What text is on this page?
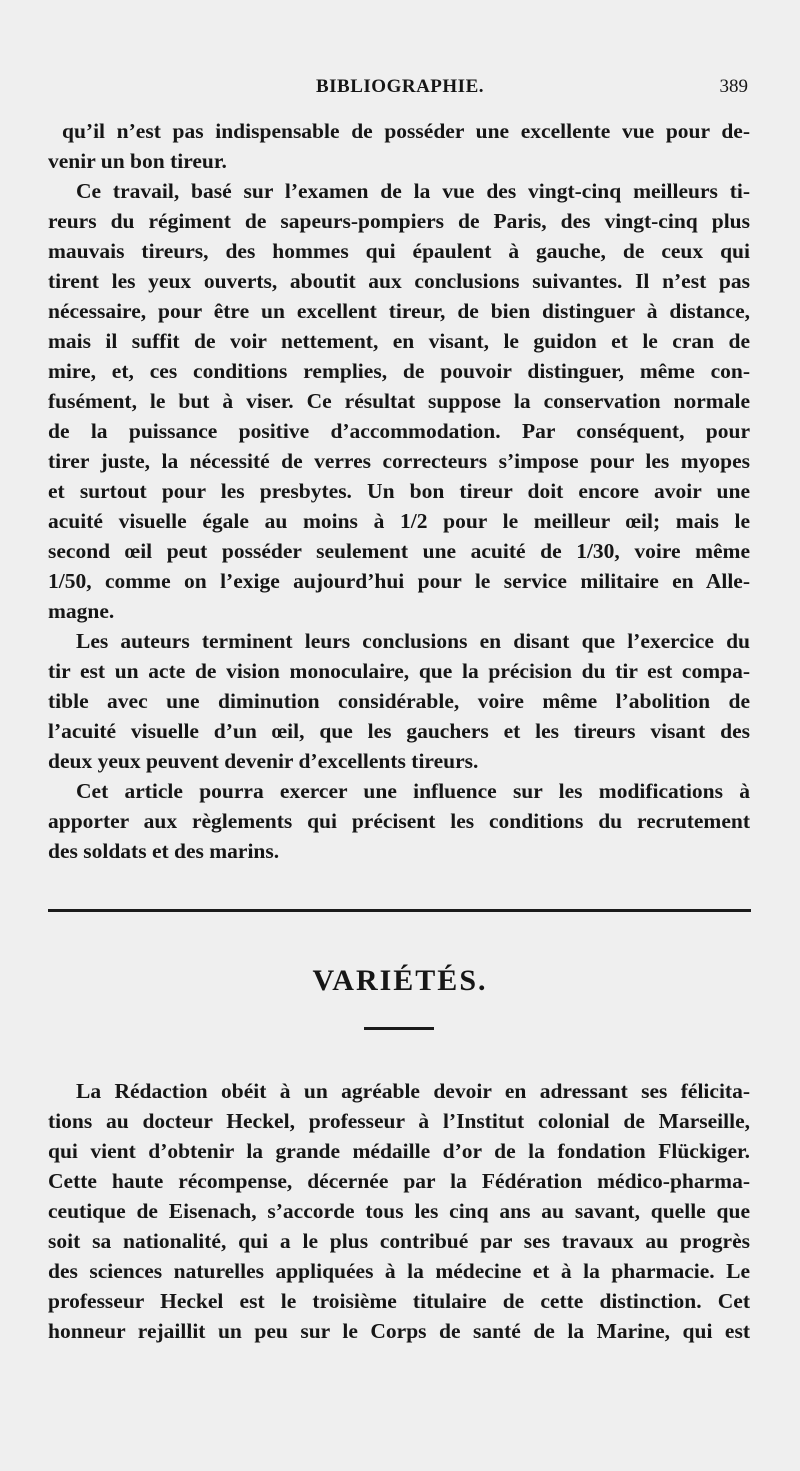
BIBLIOGRAPHIE.	389
qu’il n’est pas indispensable de posséder une excellente vue pour de-
venir un bon tireur.
Ce travail, basé sur l’examen de la vue des vingt-cinq meilleurs ti-
reurs du régiment de sapeurs-pompiers de Paris, des vingt-cinq plus
mauvais tireurs, des hommes qui épaulent à gauche, de ceux qui
tirent les yeux ouverts, aboutit aux conclusions suivantes. Il n’est pas
nécessaire, pour être un excellent tireur, de bien distinguer à distance,
mais il suffit de voir nettement, en visant, le guidon et le cran de
mire, et, ces conditions remplies, de pouvoir distinguer, même con-
fusément, le but à viser. Ce résultat suppose la conservation normale
de la puissance positive d’accommodation. Par conséquent, pour
tirer juste, la nécessité de verres correcteurs s’impose pour les myopes
et surtout pour les presbytes. Un bon tireur doit encore avoir une
acuité visuelle égale au moins à 1/2 pour le meilleur œil; mais le
second œil peut posséder seulement une acuité de 1/30, voire même
1/50, comme on l’exige aujourd’hui pour le service militaire en Alle-
magne.
Les auteurs terminent leurs conclusions en disant que l’exercice du
tir est un acte de vision monoculaire, que la précision du tir est compa-
tible avec une diminution considérable, voire même l’abolition de
l’acuité visuelle d’un œil, que les gauchers et les tireurs visant des
deux yeux peuvent devenir d’excellents tireurs.
Cet article pourra exercer une influence sur les modifications à
apporter aux règlements qui précisent les conditions du recrutement
des soldats et des marins.
VARIÉTÉS.
La Rédaction obéit à un agréable devoir en adressant ses félicita-
tions au docteur Heckel, professeur à l’Institut colonial de Marseille,
qui vient d’obtenir la grande médaille d’or de la fondation Flückiger.
Cette haute récompense, décernée par la Fédération médico-pharma-
ceutique de Eisenach, s’accorde tous les cinq ans au savant, quelle que
soit sa nationalité, qui a le plus contribué par ses travaux au progrès
des sciences naturelles appliquées à la médecine et à la pharmacie. Le
professeur Heckel est le troisième titulaire de cette distinction. Cet
honneur rejaillit un peu sur le Corps de santé de la Marine, qui est
